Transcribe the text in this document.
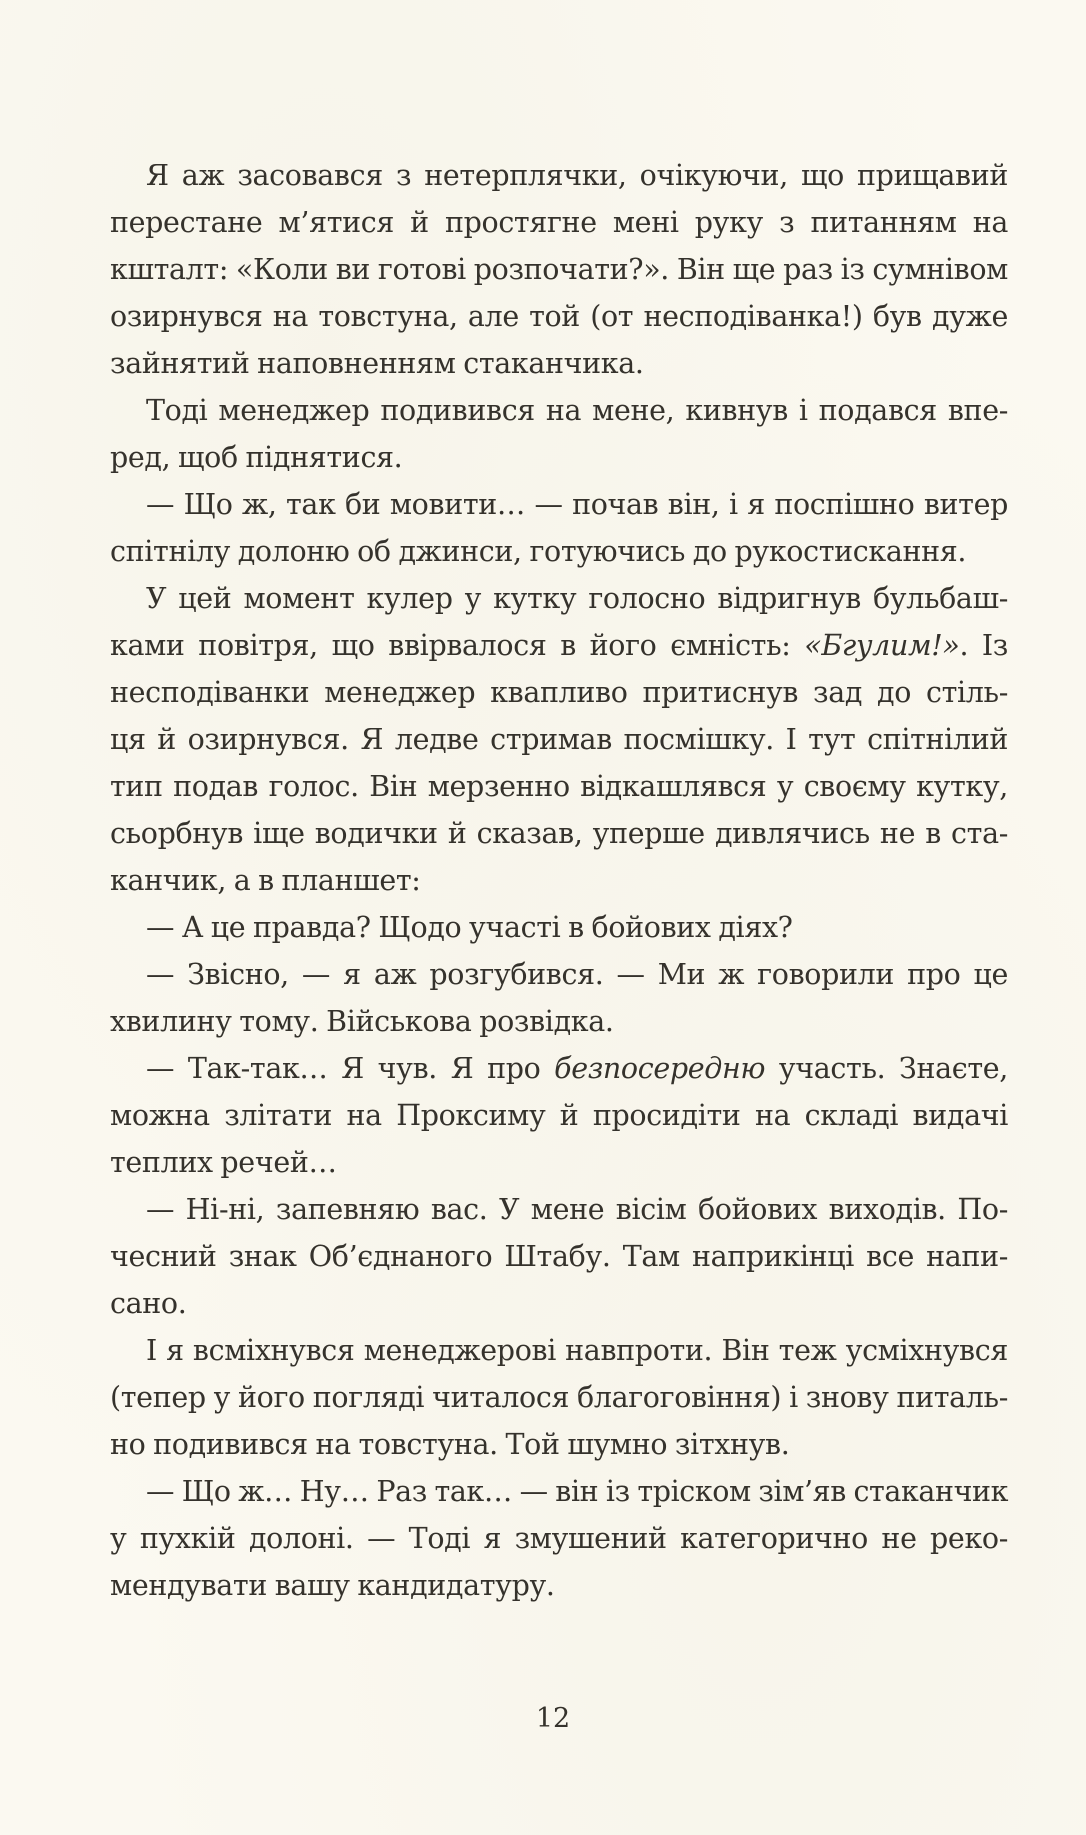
Я аж засовався з нетерплячки, очікуючи, що прищавий
перестане м’ятися й простягне мені руку з питанням на
кшталт: «Коли ви готові розпочати?». Він ще раз із сумнівом
озирнувся на товстуна, але той (от несподіванка!) був дуже
зайнятий наповненням стаканчика.
Тоді менеджер подивився на мене, кивнув і подався впе-
ред, щоб піднятися.
— Що ж, так би мовити… — почав він, і я поспішно витер
спітнілу долоню об джинси, готуючись до рукостискання.
У цей момент кулер у кутку голосно відригнув бульбаш-
ками повітря, що ввірвалося в його ємність: «Бгулим!». Із
несподіванки менеджер квапливо притиснув зад до стіль-
ця й озирнувся. Я ледве стримав посмішку. І тут спітнілий
тип подав голос. Він мерзенно відкашлявся у своєму кутку,
сьорбнув іще водички й сказав, уперше дивлячись не в ста-
канчик, а в планшет:
— А це правда? Щодо участі в бойових діях?
— Звісно, — я аж розгубився. — Ми ж говорили про це
хвилину тому. Військова розвідка.
— Так-так… Я чув. Я про безпосередню участь. Знаєте,
можна злітати на Проксиму й просидіти на складі видачі
теплих речей…
— Ні-ні, запевняю вас. У мене вісім бойових виходів. По-
чесний знак Об’єднаного Штабу. Там наприкінці все напи-
сано.
І я всміхнувся менеджерові навпроти. Він теж усміхнувся
(тепер у його погляді читалося благоговіння) і знову питаль-
но подивився на товстуна. Той шумно зітхнув.
— Що ж… Ну… Раз так… — він із тріском зім’яв стаканчик
у пухкій долоні. — Тоді я змушений категорично не реко-
мендувати вашу кандидатуру.
12
